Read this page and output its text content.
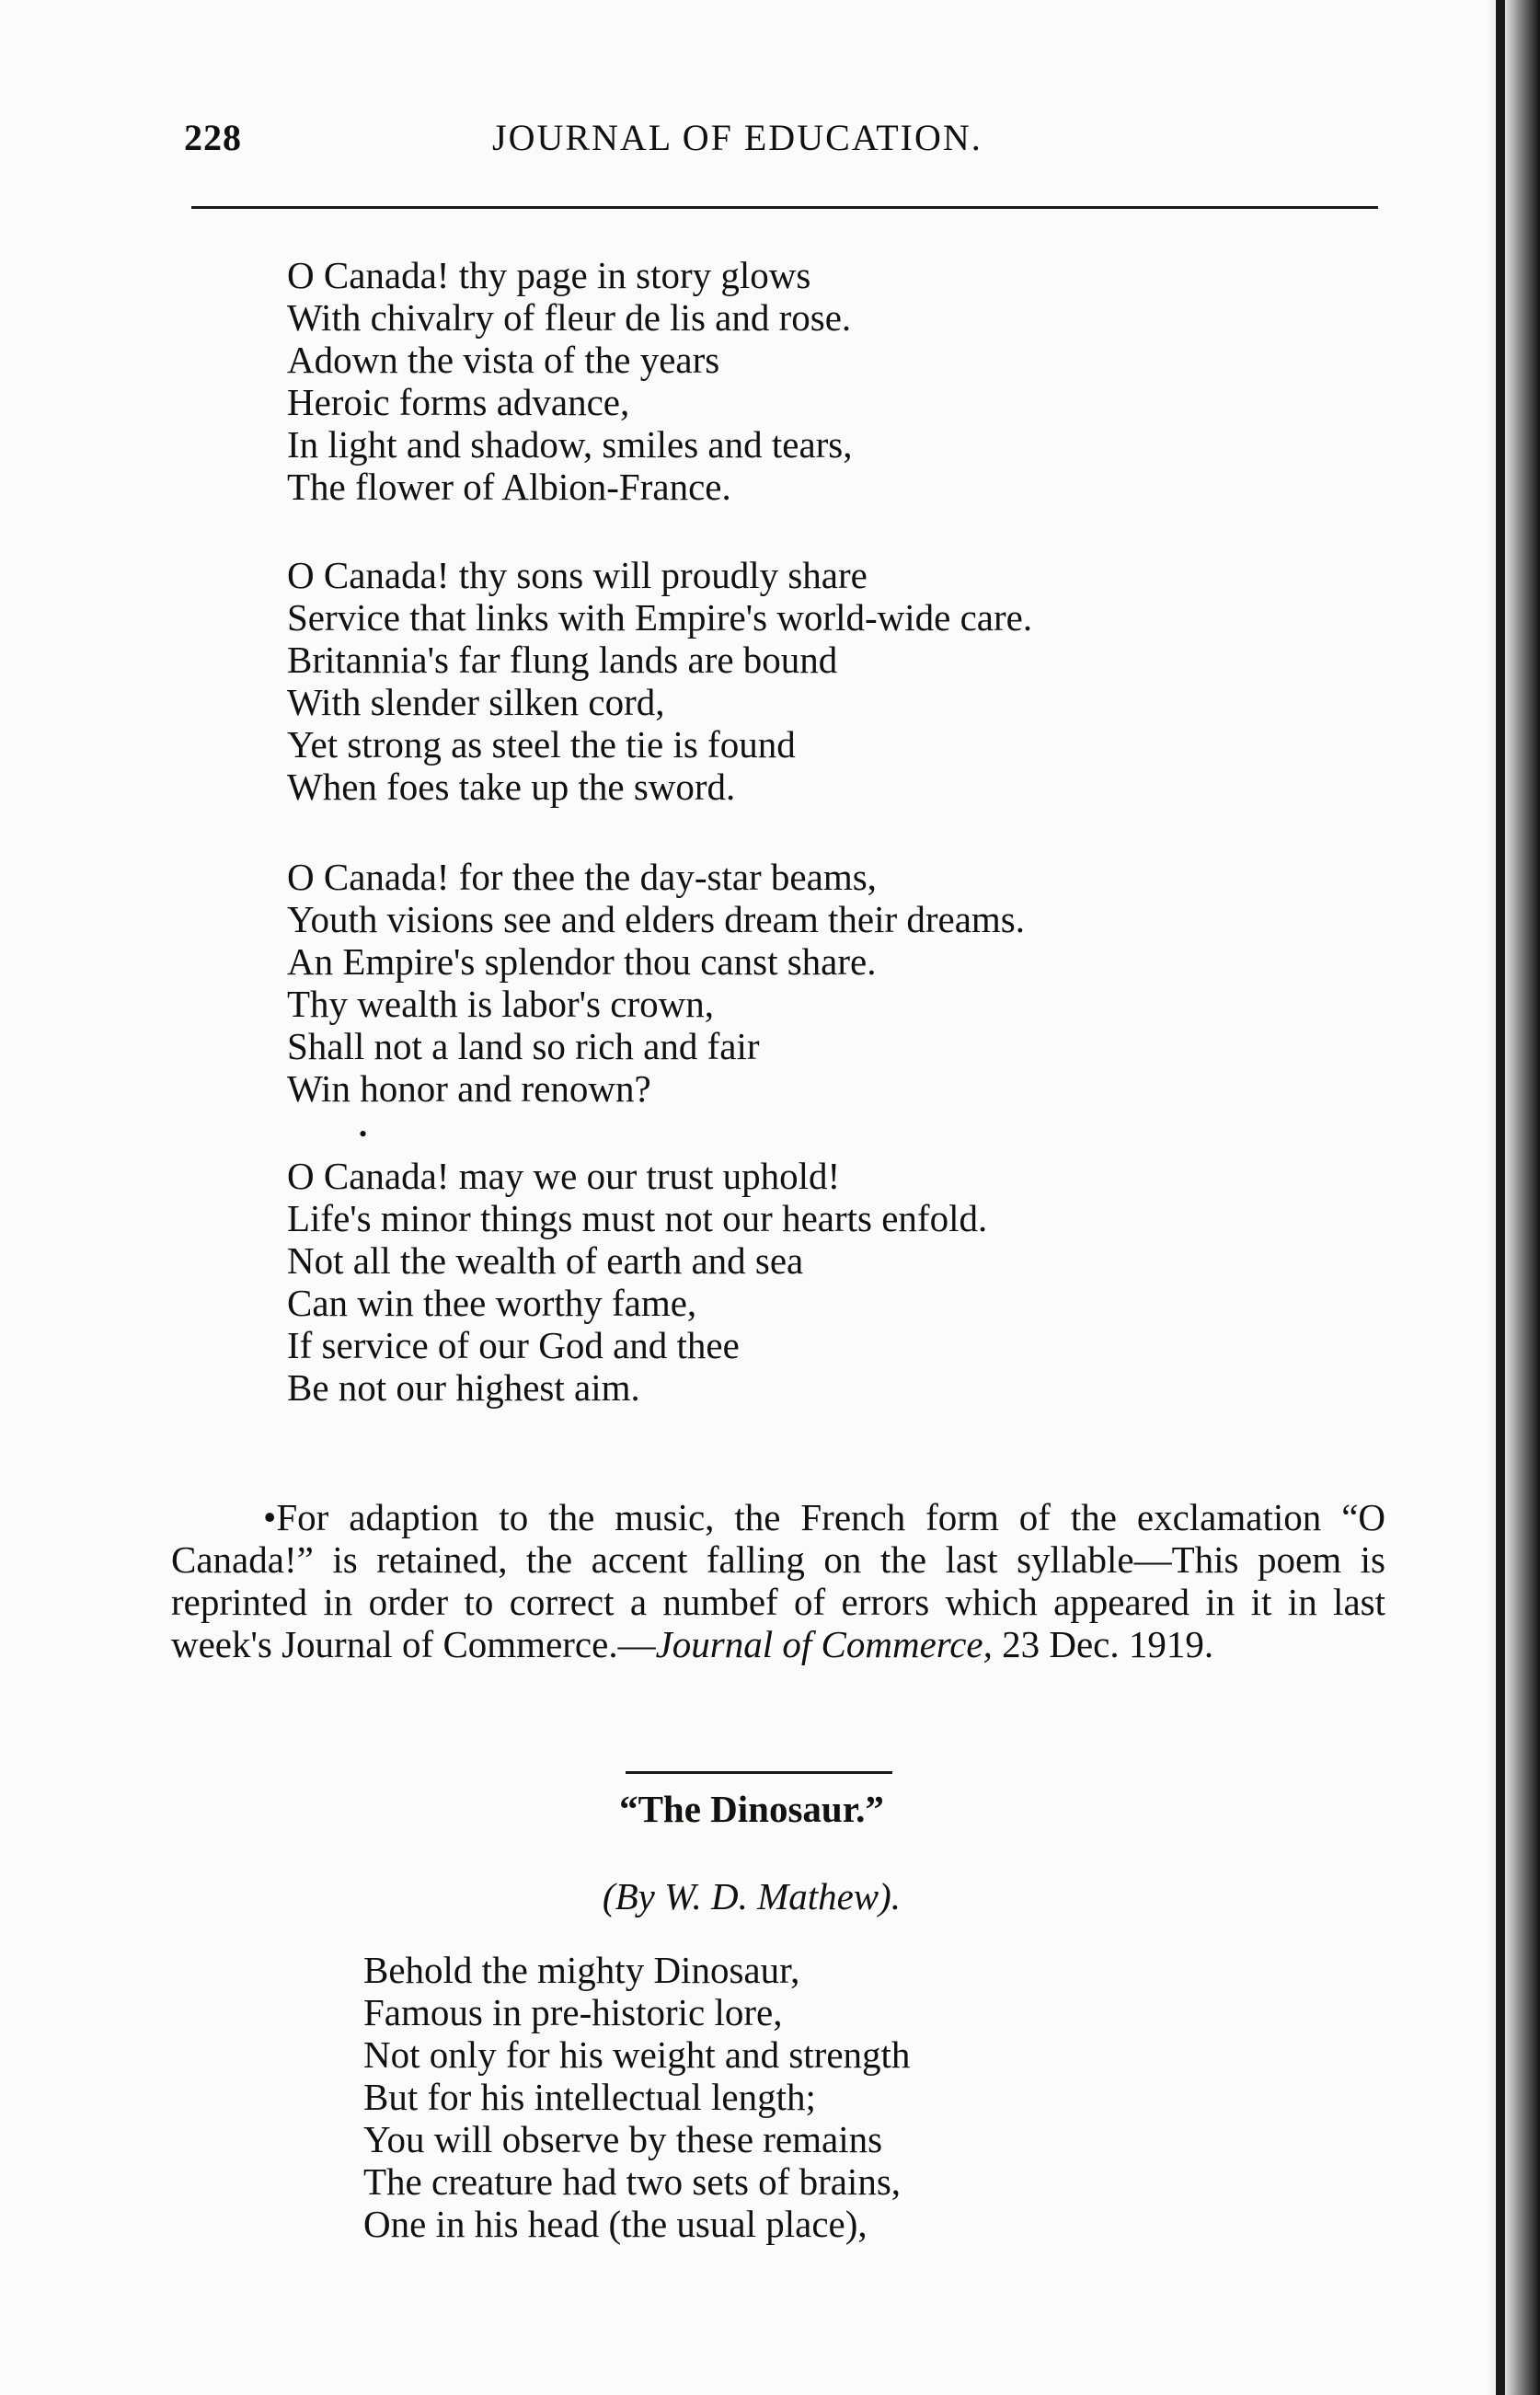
228	JOURNAL OF EDUCATION.
O Canada! thy page in story glows
With chivalry of fleur de lis and rose.
Adown the vista of the years
Heroic forms advance,
In light and shadow, smiles and tears,
The flower of Albion-France.
O Canada! thy sons will proudly share
Service that links with Empire's world-wide care.
Britannia's far flung lands are bound
With slender silken cord,
Yet strong as steel the tie is found
When foes take up the sword.
O Canada! for thee the day-star beams,
Youth visions see and elders dream their dreams.
An Empire's splendor thou canst share.
Thy wealth is labor's crown,
Shall not a land so rich and fair
Win honor and renown?
•
O Canada! may we our trust uphold!
Life's minor things must not our hearts enfold.
Not all the wealth of earth and sea
Can win thee worthy fame,
If service of our God and thee
Be not our highest aim.

•For adaption to the music, the French form of the exclamation “O Canada!” is retained, the accent falling on the last syllable—This poem is reprinted in order to correct a numbef of errors which appeared in it in last week's Journal of Commerce.—Journal of Commerce, 23 Dec. 1919.

“The Dinosaur.”
(By W. D. Mathew).
Behold the mighty Dinosaur,
Famous in pre-historic lore,
Not only for his weight and strength
But for his intellectual length;
You will observe by these remains
The creature had two sets of brains,
One in his head (the usual place),
